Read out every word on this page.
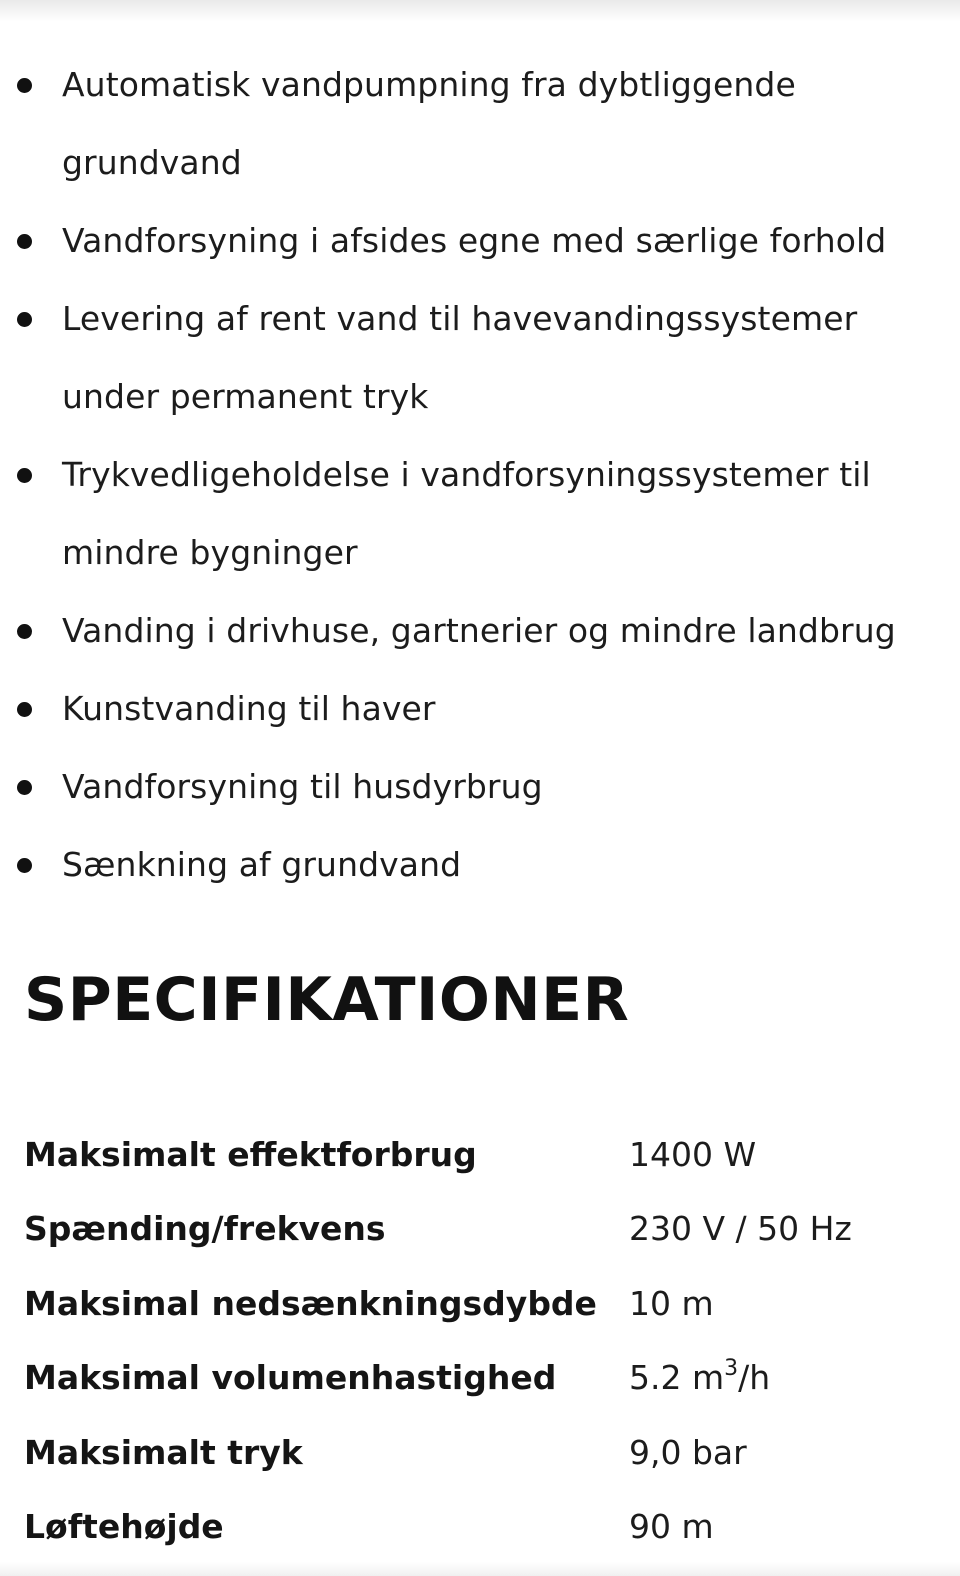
Automatisk vandpumpning fra dybtliggende grundvand
Vandforsyning i afsides egne med særlige forhold
Levering af rent vand til havevandingssystemer under permanent tryk
Trykvedligeholdelse i vandforsyningssystemer til mindre bygninger
Vanding i drivhuse, gartnerier og mindre landbrug
Kunstvanding til haver
Vandforsyning til husdyrbrug
Sænkning af grundvand
SPECIFIKATIONER
Maksimalt effektforbrug	1400 W
Spænding/frekvens	230 V / 50 Hz
Maksimal nedsænkningsdybde	10 m
Maksimal volumenhastighed	5.2 $m^3/h$
Maksimalt tryk	9,0 bar
Løftehøjde	90 m
